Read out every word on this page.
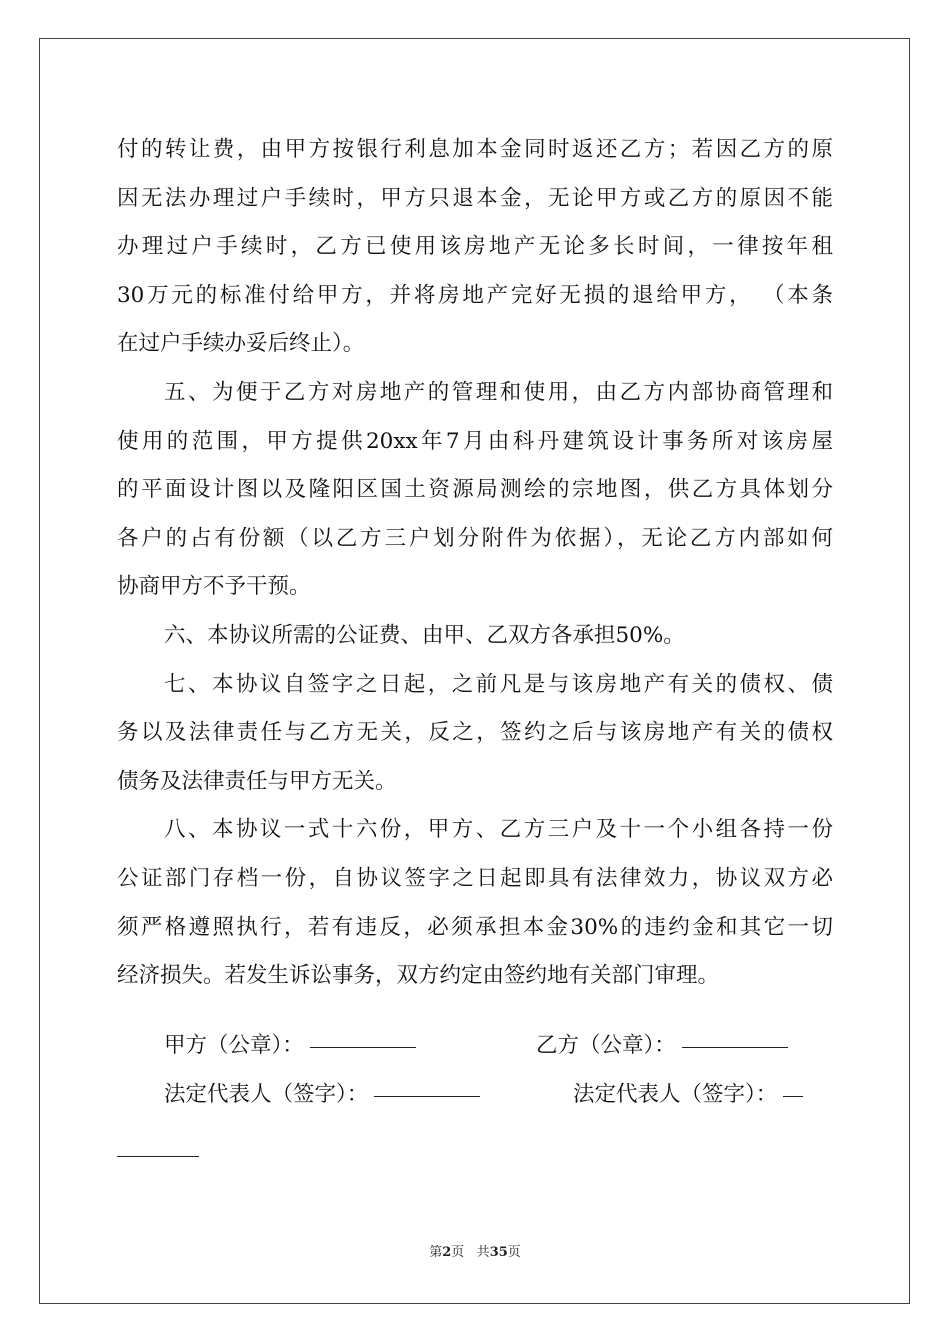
付的转让费，由甲方按银行利息加本金同时返还乙方；若因乙方的原
因无法办理过户手续时，甲方只退本金，无论甲方或乙方的原因不能
办理过户手续时，乙方已使用该房地产无论多长时间，一律按年租
30万元的标准付给甲方，并将房地产完好无损的退给甲方， （本条
在过户手续办妥后终止）。
五、为便于乙方对房地产的管理和使用，由乙方内部协商管理和
使用的范围，甲方提供20xx年7月由科丹建筑设计事务所对该房屋
的平面设计图以及隆阳区国土资源局测绘的宗地图，供乙方具体划分
各户的占有份额（以乙方三户划分附件为依据），无论乙方内部如何
协商甲方不予干预。
六、本协议所需的公证费、由甲、乙双方各承担50%。
七、本协议自签字之日起，之前凡是与该房地产有关的债权、债
务以及法律责任与乙方无关，反之，签约之后与该房地产有关的债权
债务及法律责任与甲方无关。
八、本协议一式十六份，甲方、乙方三户及十一个小组各持一份
公证部门存档一份，自协议签字之日起即具有法律效力，协议双方必
须严格遵照执行，若有违反，必须承担本金30%的违约金和其它一切
经济损失。若发生诉讼事务，双方约定由签约地有关部门审理。
甲方（公章）：	乙方（公章）：
法定代表人（签字）：	法定代表人（签字）：
第2页 共35页
